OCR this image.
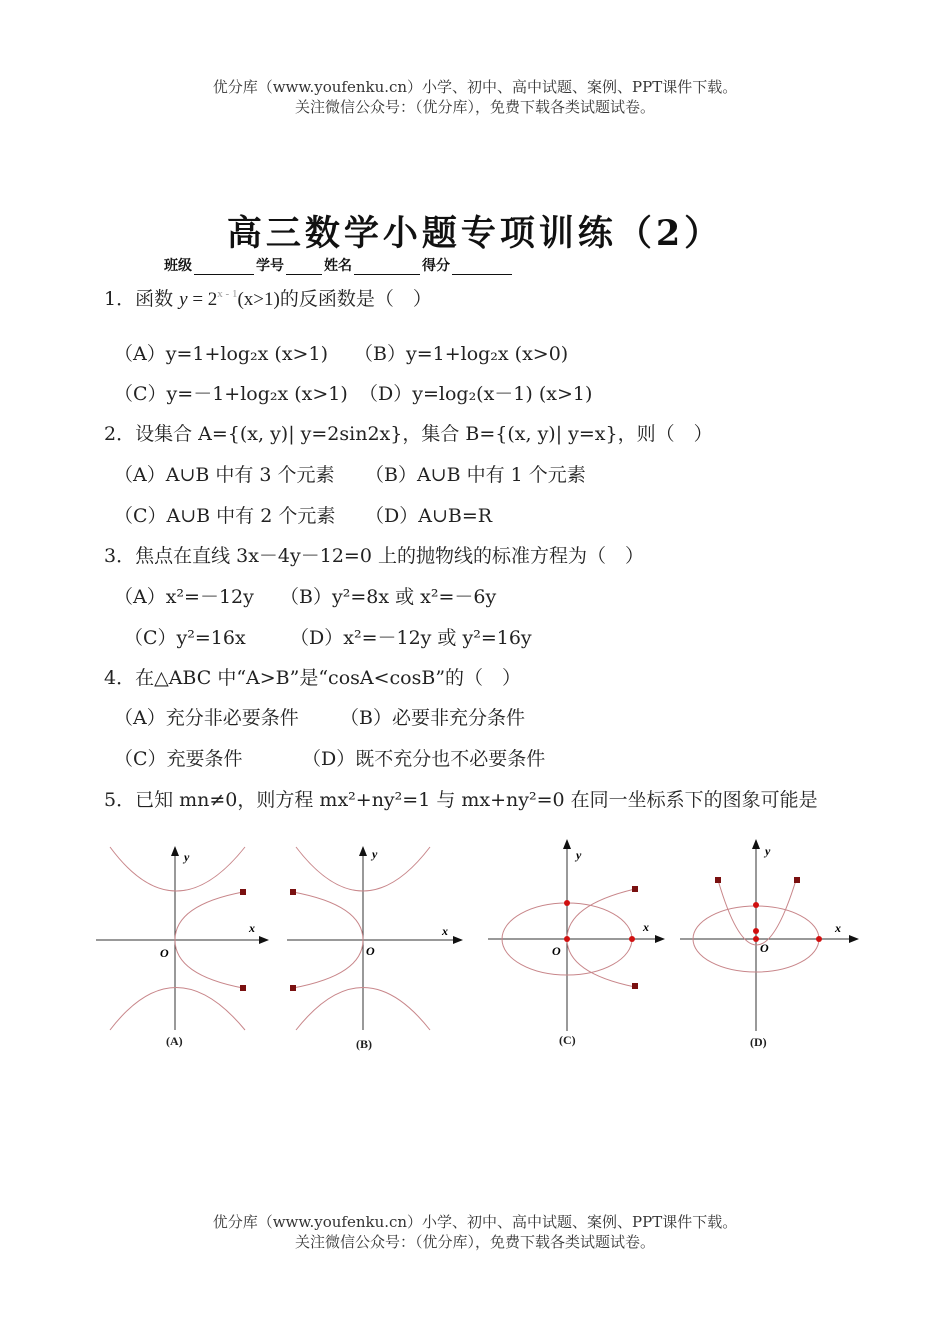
优分库（www.youfenku.cn）小学、初中、高中试题、案例、PPT课件下载。
关注微信公众号：（优分库），免费下载各类试题试卷。
高三数学小题专项训练（2）
班级	学号	姓名	得分
1．函数 $y = 2^{x - 1}(x>1)$的反函数是（　）
（A）y=1+log₂x (x>1) （B）y=1+log₂x (x>0)
（C）y=－1+log₂x (x>1) （D）y=log₂(x－1) (x>1)
2．设集合 A={(x, y)| y=2sin2x}，集合 B={(x, y)| y=x}，则（　）
（A）A∪B 中有 3 个元素 （B）A∪B 中有 1 个元素
（C）A∪B 中有 2 个元素 （D）A∪B=R
3．焦点在直线 3x－4y－12=0 上的抛物线的标准方程为（　）
（A）x²=－12y （B）y²=8x 或 x²=－6y
（C）y²=16x （D）x²=－12y 或 y²=16y
4．在△ABC 中“A>B”是“cosA<cosB”的（　）
（A）充分非必要条件 （B）必要非充分条件
（C）充要条件	（D）既不充分也不必要条件
5．已知 mn≠0，则方程 mx²+ny²=1 与 mx+ny²=0 在同一坐标系下的图象可能是
x
y
O
x
y
O
x
y
O
x
y
O
(A)	(B)	(C)	(D)
优分库（www.youfenku.cn）小学、初中、高中试题、案例、PPT课件下载。
关注微信公众号：（优分库），免费下载各类试题试卷。
